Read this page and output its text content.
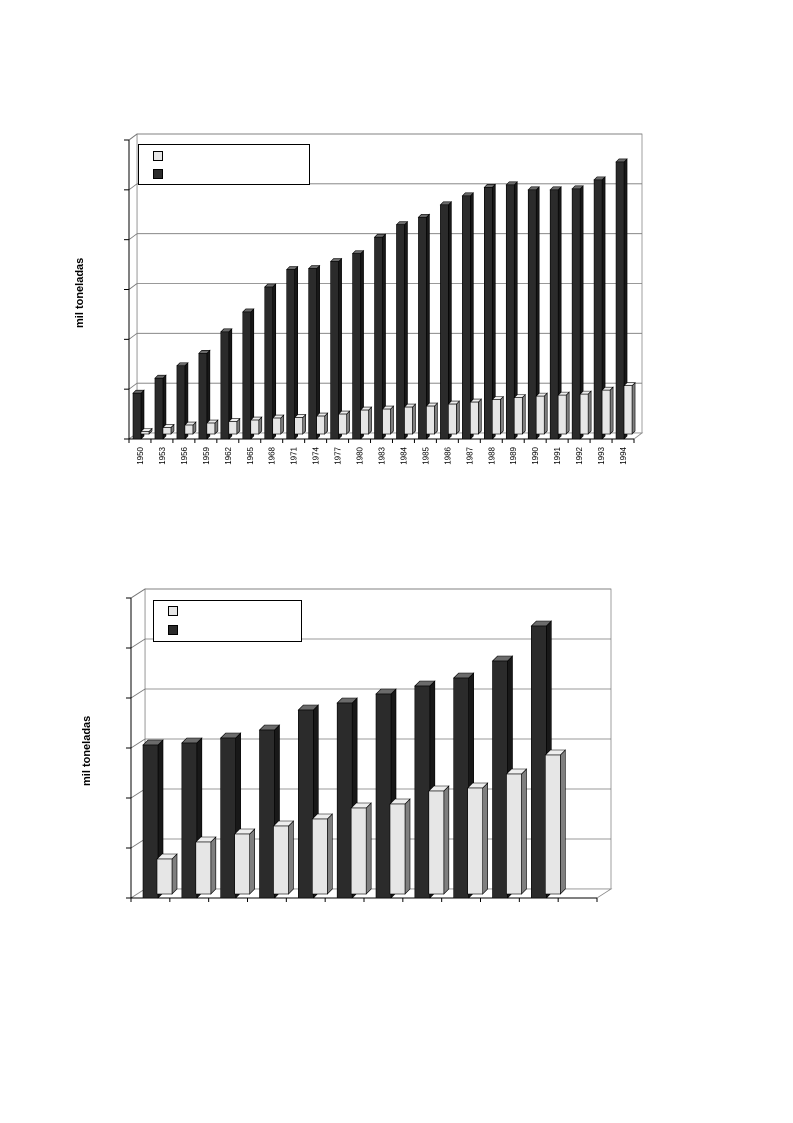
1950 1953 1956 1959 1962 1965 1968 1971 1974 1977 1980 1983 1984 1985 1986 1987 1988 1989 1990 1991 1992 1993 1994
mil toneladas
mil toneladas
